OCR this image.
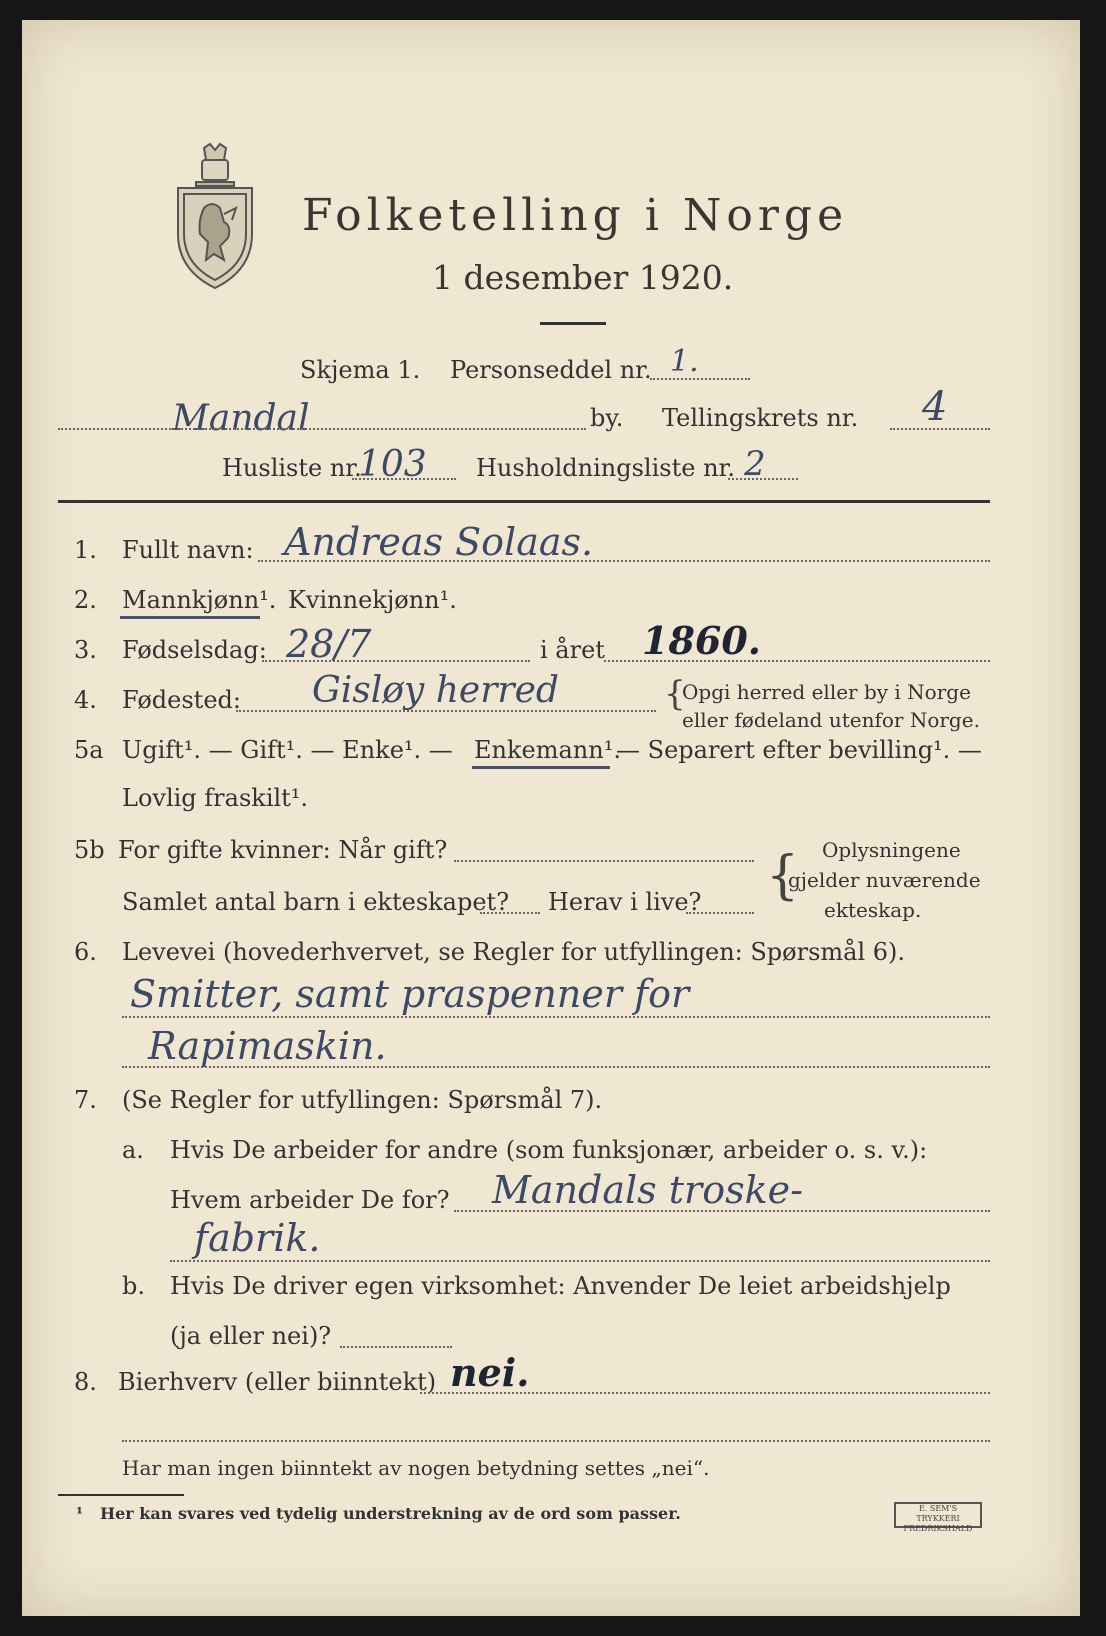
Folketelling i Norge
1 desember 1920.
Skjema 1. Personseddel nr. 1.
Mandal	by. Tellingskrets nr. 4
Husliste nr.
103 Husholdningsliste nr. 2
1. Fullt navn: Andreas Solaas.
2. Mannkjønn¹. Kvinnekjønn¹.
3. Fødselsdag: 28/7	i året 1860.
4. Fødested: Gisløy herred	{
Opgi herred eller by i Norge
eller fødeland utenfor Norge.
5a Ugift¹. — Gift¹. — Enke¹. — Enkemann¹.
— Separert efter bevilling¹. —
Lovlig fraskilt¹.
5b For gifte kvinner: Når gift?
Samlet antal barn i ekteskapet? Herav i live? { Oplysningene
gjelder nuværende
ekteskap.
6. Levevei (hovederhvervet, se Regler for utfyllingen: Spørsmål 6).
Smitter, samt praspenner for
Rapimaskin.
7. (Se Regler for utfyllingen: Spørsmål 7).
a. Hvis De arbeider for andre (som funksjonær, arbeider o. s. v.):
Hvem arbeider De for? Mandals troske-
fabrik.
b. Hvis De driver egen virksomhet: Anvender De leiet arbeidshjelp
(ja eller nei)?
8. Bierhverv (eller biinntekt) nei.
Har man ingen biinntekt av nogen betydning settes „nei“.
¹ Her kan svares ved tydelig understrekning av de ord som passer.	E. SEM'S TRYKKERI
FREDRIKSHALD
